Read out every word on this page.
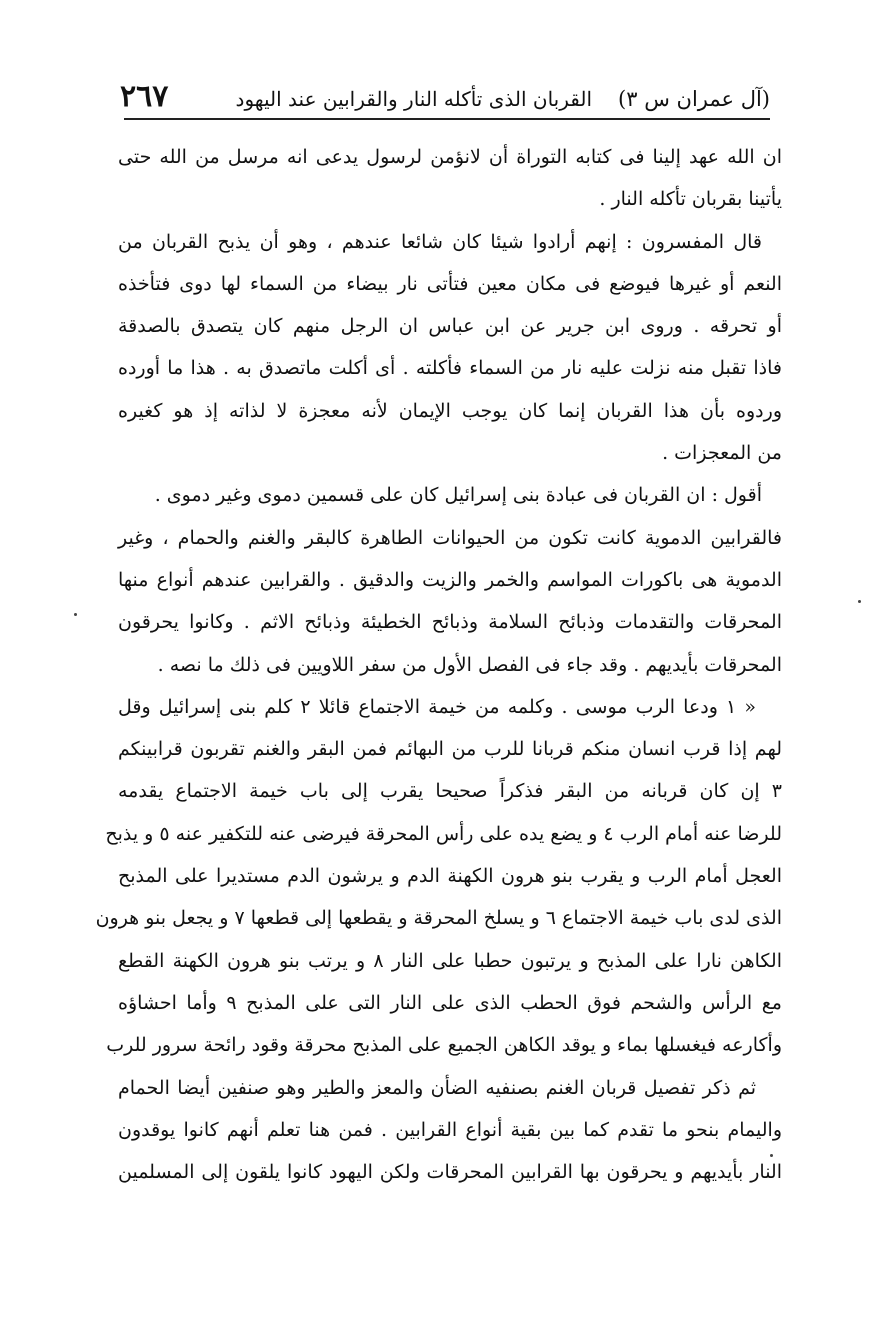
(آل عمران س ٣)
القربان الذى تأكله النار والقرابين عند اليهود
٢٦٧
ان الله عهد إلينا فى كتابه التوراة أن لانؤمن لرسول يدعى انه مرسل من الله حتى
يأتينا بقربان تأكله النار .
قال المفسرون : إنهم أرادوا شيئا كان شائعا عندهم ، وهو أن يذبح القربان من
النعم أو غيرها فيوضع فى مكان معين فتأتى نار بيضاء من السماء لها دوى فتأخذه
أو تحرقه . وروى ابن جرير عن ابن عباس ان الرجل منهم كان يتصدق بالصدقة
فاذا تقبل منه نزلت عليه نار من السماء فأكلته . أى أكلت ماتصدق به . هذا ما أورده
وردوه بأن هذا القربان إنما كان يوجب الإيمان لأنه معجزة لا لذاته إذ هو كغيره
من المعجزات .
أقول : ان القربان فى عبادة بنى إسرائيل كان على قسمين دموى وغير دموى .
فالقرابين الدموية كانت تكون من الحيوانات الطاهرة كالبقر والغنم والحمام ، وغير
الدموية هى باكورات المواسم والخمر والزيت والدقيق . والقرابين عندهم أنواع منها
المحرقات والتقدمات وذبائح السلامة وذبائح الخطيئة وذبائح الاثم . وكانوا يحرقون
المحرقات بأيديهم . وقد جاء فى الفصل الأول من سفر اللاويين فى ذلك ما نصه .
« ١ ودعا الرب موسى . وكلمه من خيمة الاجتماع قائلا ٢ كلم بنى إسرائيل وقل
لهم إذا قرب انسان منكم قربانا للرب من البهائم فمن البقر والغنم تقربون قرابينكم
٣ إن كان قربانه من البقر فذكراً صحيحا يقرب إلى باب خيمة الاجتماع يقدمه
للرضا عنه أمام الرب ٤ و يضع يده على رأس المحرقة فيرضى عنه للتكفير عنه ٥ و يذبح
العجل أمام الرب و يقرب بنو هرون الكهنة الدم و يرشون الدم مستديرا على المذبح
الذى لدى باب خيمة الاجتماع ٦ و يسلخ المحرقة و يقطعها إلى قطعها ٧ و يجعل بنو هرون
الكاهن نارا على المذبح و يرتبون حطبا على النار ٨ و يرتب بنو هرون الكهنة القطع
مع الرأس والشحم فوق الحطب الذى على النار التى على المذبح ٩ وأما احشاؤه
وأكارعه فيغسلها بماء و يوقد الكاهن الجميع على المذبح محرقة وقود رائحة سرور للرب
ثم ذكر تفصيل قربان الغنم بصنفيه الضأن والمعز والطير وهو صنفين أيضا الحمام
واليمام بنحو ما تقدم كما بين بقية أنواع القرابين . فمن هنا تعلم أنهم كانوا يوقدون
النار بأيديهم و يحرقون بها القرابين المحرقات ولكن اليهود كانوا يلقون إلى المسلمين
